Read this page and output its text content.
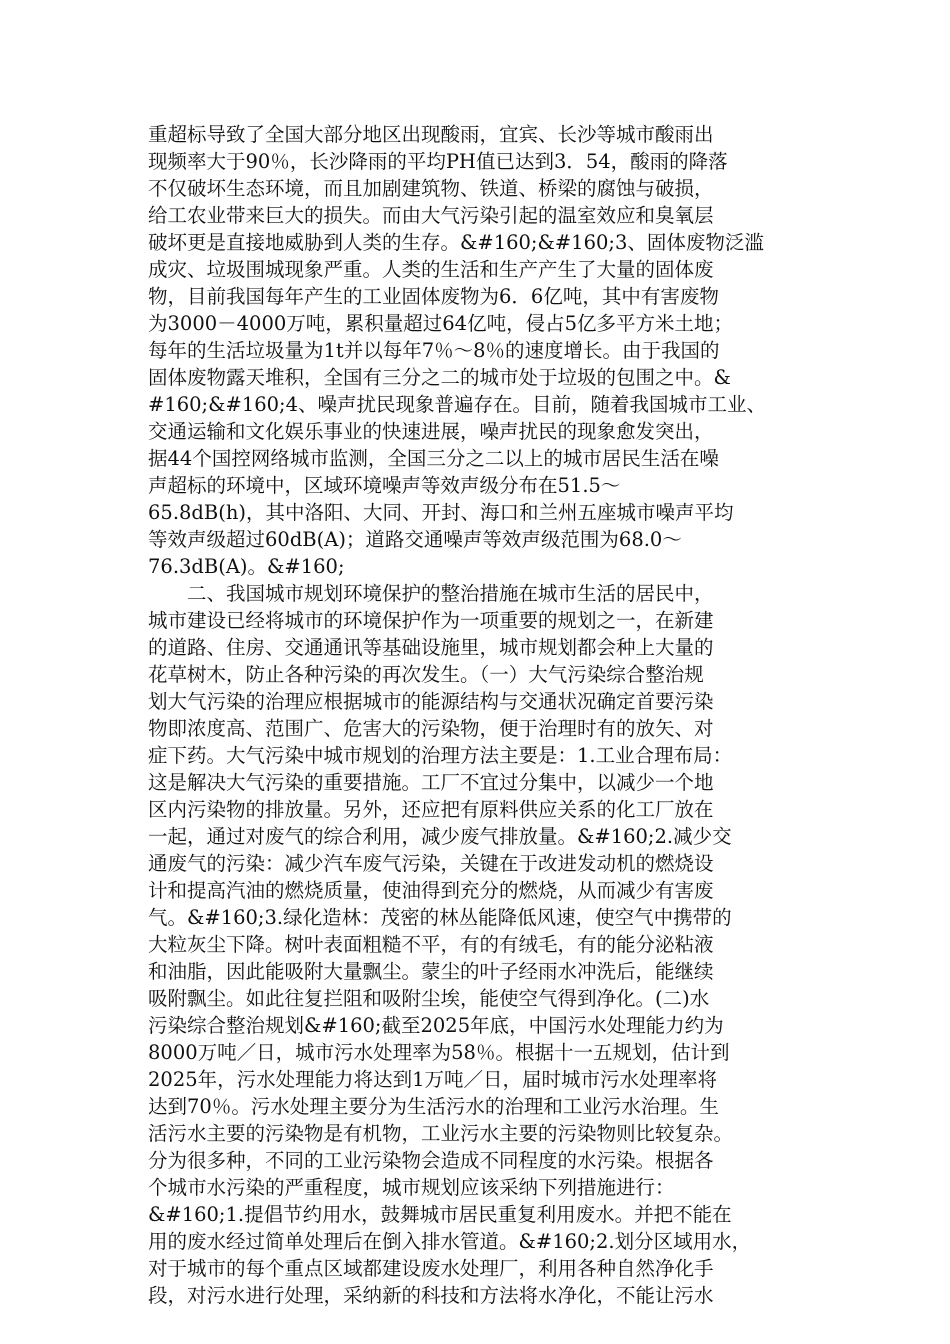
重超标导致了全国大部分地区出现酸雨，宜宾、长沙等城市酸雨出
现频率大于90％，长沙降雨的平均PH值已达到3．54，酸雨的降落
不仅破坏生态环境，而且加剧建筑物、铁道、桥梁的腐蚀与破损，
给工农业带来巨大的损失。而由大气污染引起的温室效应和臭氧层
破坏更是直接地威胁到人类的生存。&#160;&#160;3、固体废物泛滥
成灾、垃圾围城现象严重。人类的生活和生产产生了大量的固体废
物，目前我国每年产生的工业固体废物为6．6亿吨，其中有害废物
为3000－4000万吨，累积量超过64亿吨，侵占5亿多平方米土地；
每年的生活垃圾量为1t并以每年7％～8％的速度增长。由于我国的
固体废物露天堆积，全国有三分之二的城市处于垃圾的包围之中。&
#160;&#160;4、噪声扰民现象普遍存在。目前，随着我国城市工业、
交通运输和文化娱乐事业的快速进展，噪声扰民的现象愈发突出，
据44个国控网络城市监测，全国三分之二以上的城市居民生活在噪
声超标的环境中，区域环境噪声等效声级分布在51.5～
65.8dB(h)，其中洛阳、大同、开封、海口和兰州五座城市噪声平均
等效声级超过60dB(A)；道路交通噪声等效声级范围为68.0～
76.3dB(A)。&#160;
　　二、我国城市规划环境保护的整治措施在城市生活的居民中，
城市建设已经将城市的环境保护作为一项重要的规划之一，在新建
的道路、住房、交通通讯等基础设施里，城市规划都会种上大量的
花草树木，防止各种污染的再次发生。（一）大气污染综合整治规
划大气污染的治理应根据城市的能源结构与交通状况确定首要污染
物即浓度高、范围广、危害大的污染物，便于治理时有的放矢、对
症下药。大气污染中城市规划的治理方法主要是：1.工业合理布局：
这是解决大气污染的重要措施。工厂不宜过分集中，以减少一个地
区内污染物的排放量。另外，还应把有原料供应关系的化工厂放在
一起，通过对废气的综合利用，减少废气排放量。&#160;2.减少交
通废气的污染：减少汽车废气污染，关键在于改进发动机的燃烧设
计和提高汽油的燃烧质量，使油得到充分的燃烧，从而减少有害废
气。&#160;3.绿化造林：茂密的林丛能降低风速，使空气中携带的
大粒灰尘下降。树叶表面粗糙不平，有的有绒毛，有的能分泌粘液
和油脂，因此能吸附大量飘尘。蒙尘的叶子经雨水冲洗后，能继续
吸附飘尘。如此往复拦阻和吸附尘埃，能使空气得到净化。(二)水
污染综合整治规划&#160;截至2025年底，中国污水处理能力约为
8000万吨／日，城市污水处理率为58％。根据十一五规划，估计到
2025年，污水处理能力将达到1万吨／日，届时城市污水处理率将
达到70％。污水处理主要分为生活污水的治理和工业污水治理。生
活污水主要的污染物是有机物，工业污水主要的污染物则比较复杂。
分为很多种，不同的工业污染物会造成不同程度的水污染。根据各
个城市水污染的严重程度，城市规划应该采纳下列措施进行：
&#160;1.提倡节约用水，鼓舞城市居民重复利用废水。并把不能在
用的废水经过简单处理后在倒入排水管道。&#160;2.划分区域用水，
对于城市的每个重点区域都建设废水处理厂，利用各种自然净化手
段，对污水进行处理，采纳新的科技和方法将水净化，不能让污水
